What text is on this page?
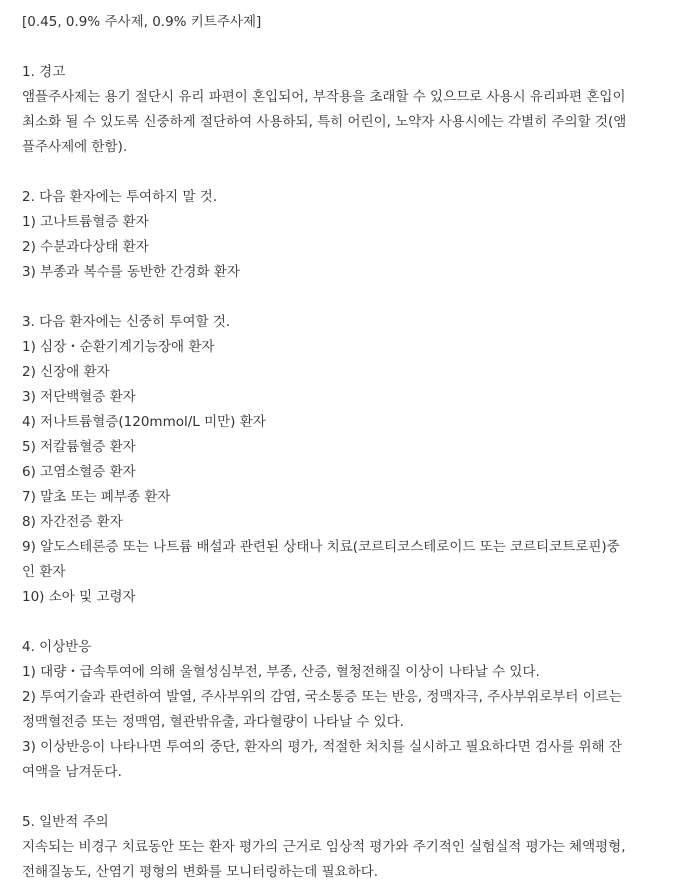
[0.45, 0.9% 주사제, 0.9% 키트주사제]
1. 경고
앰플주사제는 용기 절단시 유리 파편이 혼입되어, 부작용을 초래할 수 있으므로 사용시 유리파편 혼입이
최소화 될 수 있도록 신중하게 절단하여 사용하되, 특히 어린이, 노약자 사용시에는 각별히 주의할 것(앰
플주사제에 한함).
2. 다음 환자에는 투여하지 말 것.
1) 고나트륨혈증 환자
2) 수분과다상태 환자
3) 부종과 복수를 동반한 간경화 환자
3. 다음 환자에는 신중히 투여할 것.
1) 심장・순환기계기능장애 환자
2) 신장애 환자
3) 저단백혈증 환자
4) 저나트륨혈증(120mmol/L 미만) 환자
5) 저칼륨혈증 환자
6) 고염소혈증 환자
7) 말초 또는 폐부종 환자
8) 자간전증 환자
9) 알도스테론증 또는 나트륨 배설과 관련된 상태나 치료(코르티코스테로이드 또는 코르티코트로핀)중
인 환자
10) 소아 및 고령자
4. 이상반응
1) 대량・급속투여에 의해 울혈성심부전, 부종, 산증, 혈청전해질 이상이 나타날 수 있다.
2) 투여기술과 관련하여 발열, 주사부위의 감염, 국소통증 또는 반응, 정맥자극, 주사부위로부터 이르는
정맥혈전증 또는 정맥염, 혈관밖유출, 과다혈량이 나타날 수 있다.
3) 이상반응이 나타나면 투여의 중단, 환자의 평가, 적절한 처치를 실시하고 필요하다면 검사를 위해 잔
여액을 남겨둔다.
5. 일반적 주의
지속되는 비경구 치료동안 또는 환자 평가의 근거로 임상적 평가와 주기적인 실험실적 평가는 체액평형,
전해질농도, 산염기 평형의 변화를 모니터링하는데 필요하다.
